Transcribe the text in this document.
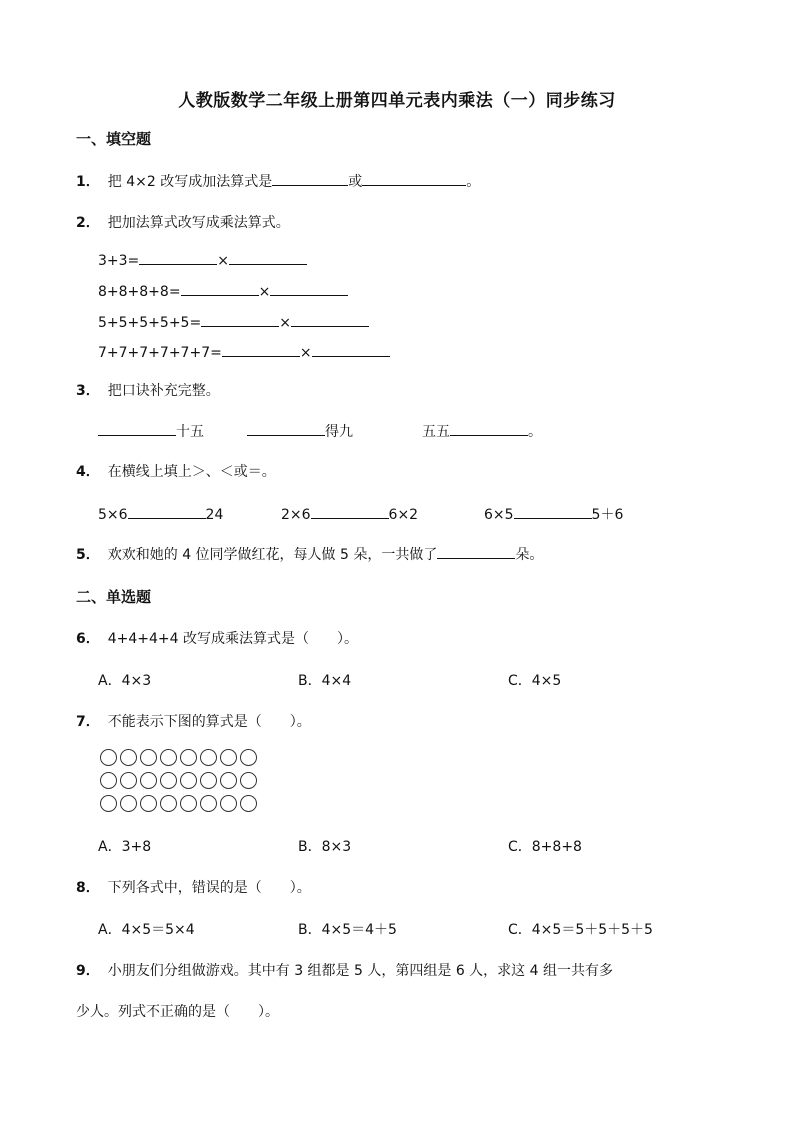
人教版数学二年级上册第四单元表内乘法（一）同步练习
一、填空题
1． 把 4×2 改写成加法算式是	或	。
2． 把加法算式改写成乘法算式。
3+3=	×
8+8+8+8=	×
5+5+5+5+5=	×
7+7+7+7+7+7=	×
3． 把口诀补充完整。
十五	得九	五五	。
4． 在横线上填上＞、＜或＝。
5×6	24	2×6	6×2	6×5	5＋6
5． 欢欢和她的 4 位同学做红花，每人做 5 朵，一共做了	朵。
二、单选题
6． 4+4+4+4 改写成乘法算式是（　　）。
A．4×3	B．4×4	C．4×5
7． 不能表示下图的算式是（　　）。
A．3+8	B．8×3	C．8+8+8
8． 下列各式中，错误的是（　　）。
A．4×5＝5×4	B．4×5＝4＋5	C．4×5＝5＋5＋5＋5
9． 小朋友们分组做游戏。其中有 3 组都是 5 人，第四组是 6 人，求这 4 组一共有多
少人。列式不正确的是（　　）。
